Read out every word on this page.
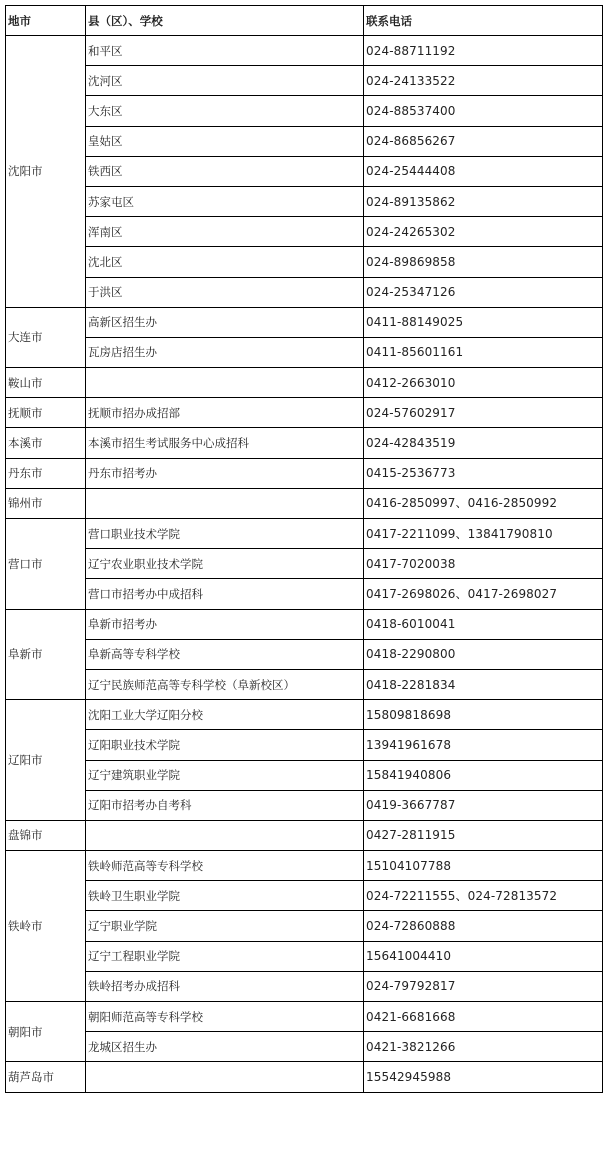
地市	县（区）、学校	联系电话
沈阳市	和平区	024-88711192
	沈河区	024-24133522
	大东区	024-88537400
	皇姑区	024-86856267
	铁西区	024-25444408
	苏家屯区	024-89135862
	浑南区	024-24265302
	沈北区	024-89869858
	于洪区	024-25347126
大连市	高新区招生办	0411-88149025
	瓦房店招生办	0411-85601161
鞍山市		0412-2663010
抚顺市	抚顺市招办成招部	024-57602917
本溪市	本溪市招生考试服务中心成招科	024-42843519
丹东市	丹东市招考办	0415-2536773
锦州市		0416-2850997、0416-2850992
营口市	营口职业技术学院	0417-2211099、13841790810
	辽宁农业职业技术学院	0417-7020038
	营口市招考办中成招科	0417-2698026、0417-2698027
阜新市	阜新市招考办	0418-6010041
	阜新高等专科学校	0418-2290800
	辽宁民族师范高等专科学校（阜新校区）	0418-2281834
辽阳市	沈阳工业大学辽阳分校	15809818698
	辽阳职业技术学院	13941961678
	辽宁建筑职业学院	15841940806
	辽阳市招考办自考科	0419-3667787
盘锦市		0427-2811915
铁岭市	铁岭师范高等专科学校	15104107788
	铁岭卫生职业学院	024-72211555、024-72813572
	辽宁职业学院	024-72860888
	辽宁工程职业学院	15641004410
	铁岭招考办成招科	024-79792817
朝阳市	朝阳师范高等专科学校	0421-6681668
	龙城区招生办	0421-3821266
葫芦岛市		15542945988
